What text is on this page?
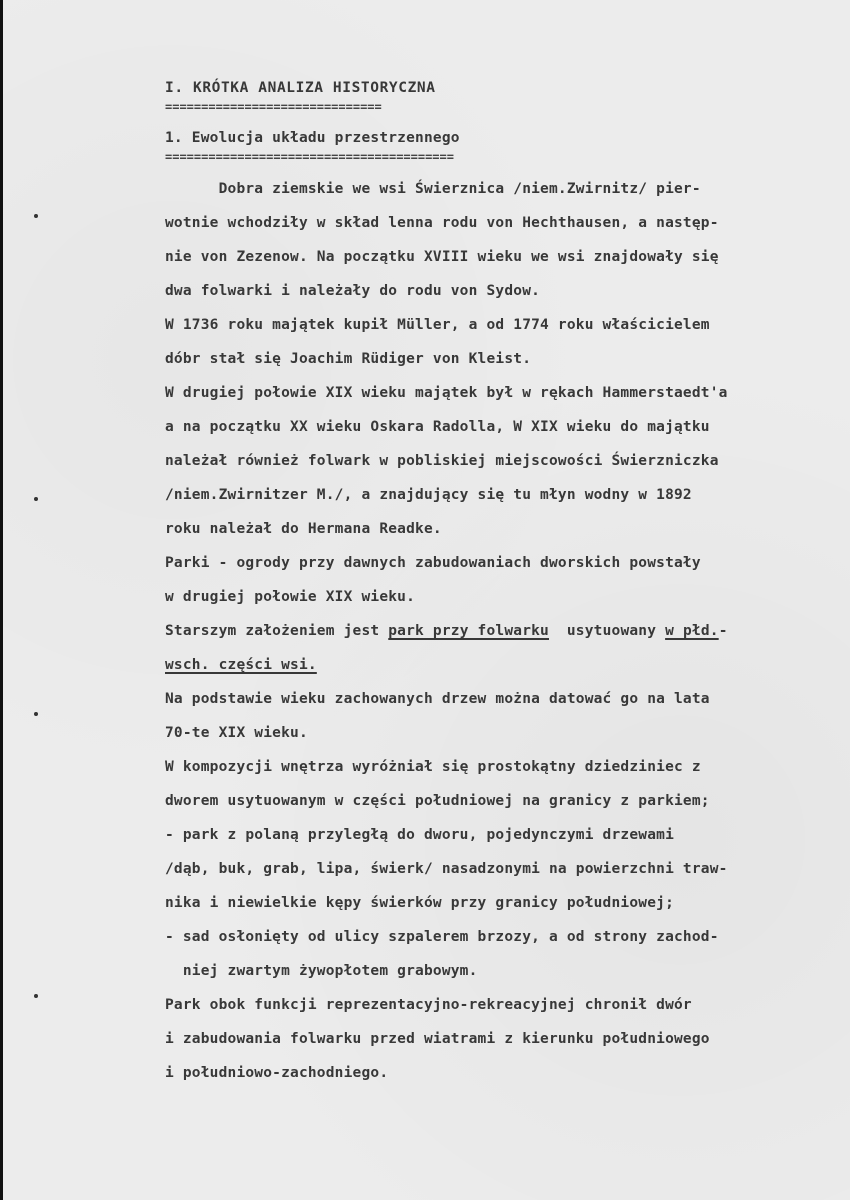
I. KRÓTKA ANALIZA HISTORYCZNA
==============================
1. Ewolucja układu przestrzennego
========================================
Dobra ziemskie we wsi Świerznica /niem.Zwirnitz/ pier-
wotnie wchodziły w skład lenna rodu von Hechthausen, a następ-
nie von Zezenow. Na początku XVIII wieku we wsi znajdowały się
dwa folwarki i należały do rodu von Sydow.
W 1736 roku majątek kupił Müller, a od 1774 roku właścicielem
dóbr stał się Joachim Rüdiger von Kleist.
W drugiej połowie XIX wieku majątek był w rękach Hammerstaedt'a
a na początku XX wieku Oskara Radolla, W XIX wieku do majątku
należał również folwark w pobliskiej miejscowości Świerzniczka
/niem.Zwirnitzer M./, a znajdujący się tu młyn wodny w 1892
roku należał do Hermana Readke.
Parki - ogrody przy dawnych zabudowaniach dworskich powstały
w drugiej połowie XIX wieku.
Starszym założeniem jest park przy folwarku  usytuowany w płd.-
wsch. części wsi.
Na podstawie wieku zachowanych drzew można datować go na lata
70-te XIX wieku.
W kompozycji wnętrza wyróżniał się prostokątny dziedziniec z
dworem usytuowanym w części południowej na granicy z parkiem;
- park z polaną przyległą do dworu, pojedynczymi drzewami
/dąb, buk, grab, lipa, świerk/ nasadzonymi na powierzchni traw-
nika i niewielkie kępy świerków przy granicy południowej;
- sad osłonięty od ulicy szpalerem brzozy, a od strony zachod-
niej zwartym żywopłotem grabowym.
Park obok funkcji reprezentacyjno-rekreacyjnej chronił dwór
i zabudowania folwarku przed wiatrami z kierunku południowego
i południowo-zachodniego.
